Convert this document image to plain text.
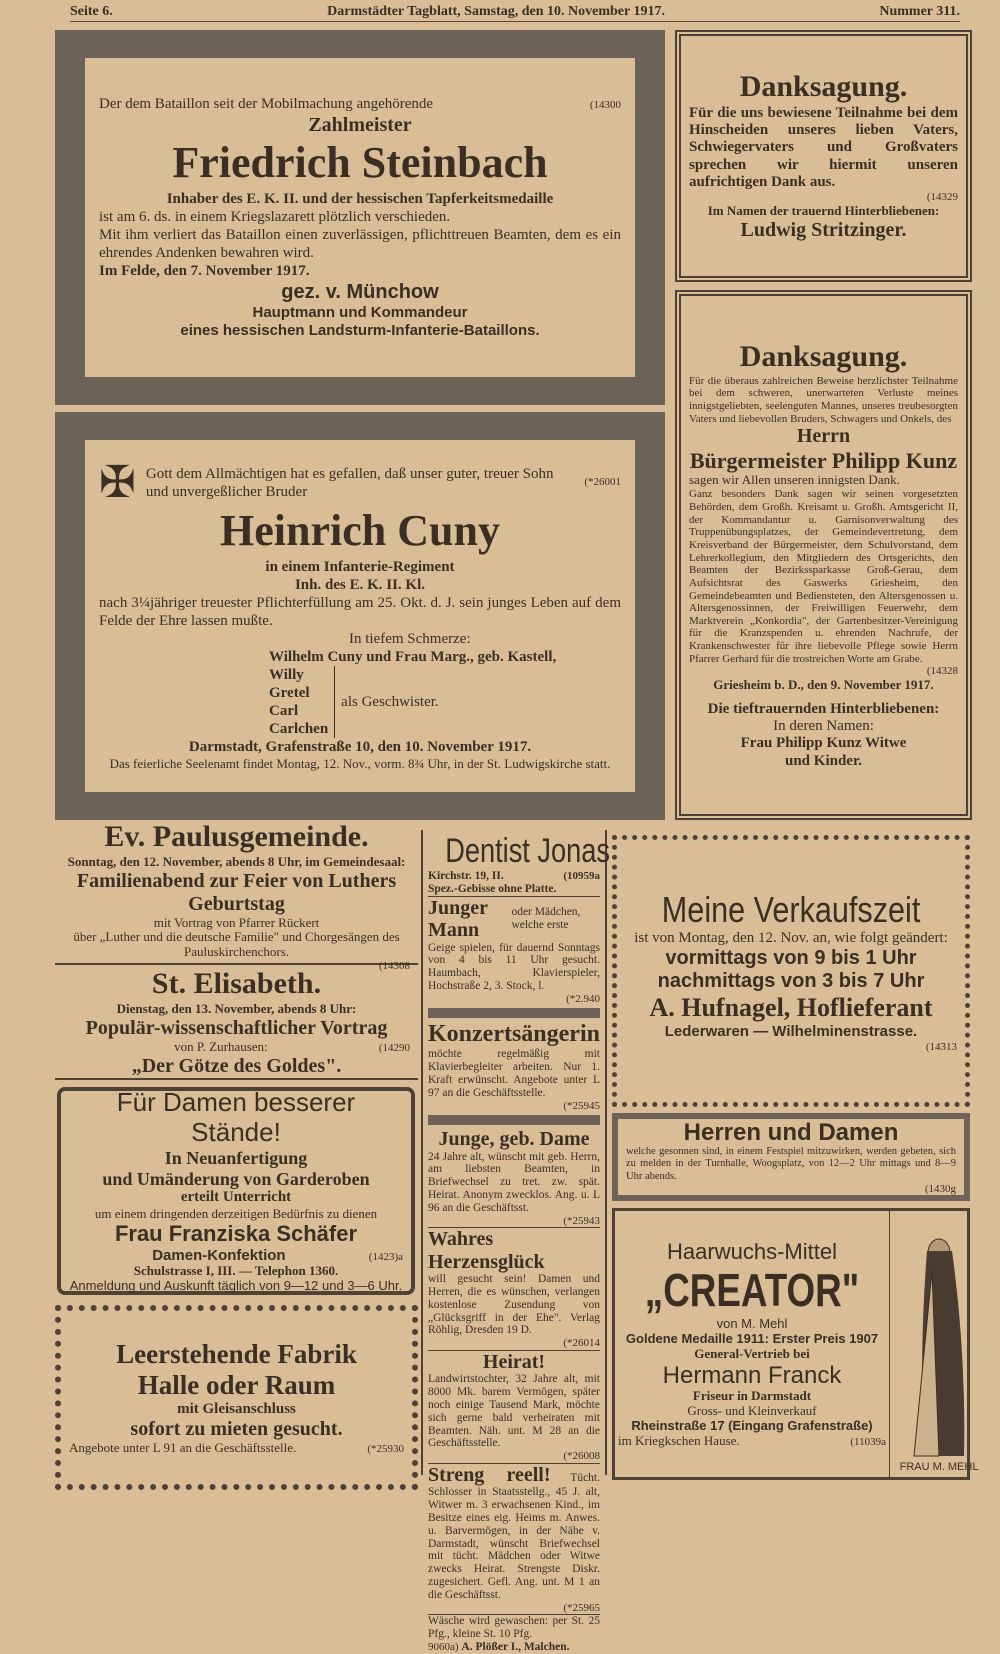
Seite 6.	Darmstädter Tagblatt, Samstag, den 10. November 1917.	Nummer 311.
Der dem Bataillon seit der Mobilmachung angehörende	(14300
Zahlmeister
Friedrich Steinbach
Inhaber des E. K. II. und der hessischen Tapferkeitsmedaille
ist am 6. ds. in einem Kriegslazarett plötzlich verschieden.
Mit ihm verliert das Bataillon einen zuverlässigen, pflichttreuen Beamten, dem es ein ehrendes Andenken bewahren wird.
Im Felde, den 7. November 1917.
gez. v. Münchow
Hauptmann und Kommandeur
eines hessischen Landsturm-Infanterie-Bataillons.
✠ Gott dem Allmächtigen hat es gefallen, daß unser guter, treuer Sohn und unvergeßlicher Bruder
(*26001
Heinrich Cuny
in einem Infanterie-Regiment
Inh. des E. K. II. Kl.
nach 3¼jähriger treuester Pflichterfüllung am 25. Okt. d. J. sein junges Leben auf dem Felde der Ehre lassen mußte.
In tiefem Schmerze:
Wilhelm Cuny und Frau Marg., geb. Kastell,
Willy
Gretel
Carl
Carlchen
als Geschwister.
Darmstadt, Grafenstraße 10, den 10. November 1917.
Das feierliche Seelenamt findet Montag, 12. Nov., vorm. 8¾ Uhr, in der St. Ludwigskirche statt.
Danksagung.
Für die uns bewiesene Teilnahme bei dem Hinscheiden unseres lieben Vaters, Schwiegervaters und Großvaters sprechen wir hiermit unseren aufrichtigen Dank aus.
(14329
Im Namen der trauernd Hinterbliebenen:
Ludwig Stritzinger.
Danksagung.
Für die überaus zahlreichen Beweise herzlichster Teilnahme bei dem schweren, unerwarteten Verluste meines innigstgeliebten, seelenguten Mannes, unseres treubesorgten Vaters und liebevollen Bruders, Schwagers und Onkels, des
Herrn
Bürgermeister Philipp Kunz
sagen wir Allen unseren innigsten Dank.
Ganz besonders Dank sagen wir seinen vorgesetzten Behörden, dem Großh. Kreisamt u. Großh. Amtsgericht II, der Kommandantur u. Garnisonverwaltung des Truppenübungsplatzes, der Gemeindevertretung, dem Kreisverband der Bürgermeister, dem Schulvorstand, dem Lehrerkollegium, den Mitgliedern des Ortsgerichts, den Beamten der Bezirkssparkasse Groß-Gerau, dem Aufsichtsrat des Gaswerks Griesheim, den Gemeindebeamten und Bediensteten, den Altersgenossen u. Altersgenossinnen, der Freiwilligen Feuerwehr, dem Marktverein „Konkordia", der Gartenbesitzer-Vereinigung für die Kranzspenden u. ehrenden Nachrufe, der Krankenschwester für ihre liebevolle Pflege sowie Herrn Pfarrer Gerhard für die trostreichen Worte am Grabe.
(14328
Griesheim b. D., den 9. November 1917.
Die tieftrauernden Hinterbliebenen:
In deren Namen:
Frau Philipp Kunz Witwe
und Kinder.
Ev. Paulusgemeinde.
Sonntag, den 12. November, abends 8 Uhr, im Gemeindesaal:
Familienabend zur Feier von Luthers Geburtstag
mit Vortrag von Pfarrer Rückert
über „Luther und die deutsche Familie" und Chorgesängen des Pauluskirchenchors.
(14308
St. Elisabeth.
Dienstag, den 13. November, abends 8 Uhr:
Populär-wissenschaftlicher Vortrag
von P. Zurhausen:	(14290
„Der Götze des Goldes".
Für Damen besserer Stände!
In Neuanfertigung
und Umänderung von Garderoben
erteilt Unterricht
um einem dringenden derzeitigen Bedürfnis zu dienen
Frau Franziska Schäfer
Damen-Konfektion	(1423)a
Schulstrasse I, III. — Telephon 1360.
Anmeldung und Auskunft täglich von 9—12 und 3—6 Uhr.
Leerstehende Fabrik
Halle oder Raum
mit Gleisanschluss
sofort zu mieten gesucht.
Angebote unter L 91 an die Geschäftsstelle.	(*25930
Dentist Jonas
Kirchstr. 19, II.	(10959a
Spez.-Gebisse ohne Platte.
Junger Mann
oder Mädchen, welche erste
Geige spielen, für dauernd Sonntags von 4 bis 11 Uhr gesucht. Haumbach, Klavierspieler, Hochstraße 2, 3. Stock, l.
(*2.940
Konzertsängerin
möchte regelmäßig mit Klavierbegleiter arbeiten. Nur 1. Kraft erwünscht. Angebote unter L 97 an die Geschäftsstelle.
(*25945
Junge, geb. Dame
24 Jahre alt, wünscht mit geb. Herrn, am liebsten Beamten, in Briefwechsel zu tret. zw. spät. Heirat. Anonym zwecklos. Ang. u. L 96 an die Geschäftsst.
(*25943
Wahres Herzensglück
will gesucht sein! Damen und Herren, die es wünschen, verlangen kostenlose Zusendung von „Glücksgriff in der Ehe". Verlag Röhlig, Dresden 19 D.
(*26014
Heirat!
Landwirtstochter, 32 Jahre alt, mit 8000 Mk. barem Vermögen, später noch einige Tausend Mark, möchte sich gerne bald verheiraten mit Beamten. Näh. unt. M 28 an die Geschäftsstelle.
(*26008
Streng reell! Tücht. Schlosser in Staatsstellg., 45 J. alt, Witwer m. 3 erwachsenen Kind., im Besitze eines eig. Heims m. Anwes. u. Barvermögen, in der Nähe v. Darmstadt, wünscht Briefwechsel mit tücht. Mädchen oder Witwe zwecks Heirat. Strengste Diskr. zugesichert. Gefl. Ang. unt. M 1 an die Geschäftsst.
(*25965
Wäsche wird gewaschen: per St. 25 Pfg., kleine St. 10 Pfg.
9060a) A. Plößer I., Malchen.
Meine Verkaufszeit
ist von Montag, den 12. Nov. an, wie folgt geändert:
vormittags von 9 bis 1 Uhr
nachmittags von 3 bis 7 Uhr
A. Hufnagel, Hoflieferant
Lederwaren — Wilhelminenstrasse.
(14313
Herren und Damen
welche gesonnen sind, in einem Festspiel mitzuwirken, werden gebeten, sich zu melden in der Turnhalle, Woogsplatz, von 12—2 Uhr mittags und 8—9 Uhr abends.
(1430g
Haarwuchs-Mittel
„CREATOR"
von M. Mehl
Goldene Medaille 1911: Erster Preis 1907
General-Vertrieb bei
Hermann Franck
Friseur in Darmstadt
Gross- und Kleinverkauf
Rheinstraße 17 (Eingang Grafenstraße)
im Kriegkschen Hause.	(11039a
FRAU M. MEHL
